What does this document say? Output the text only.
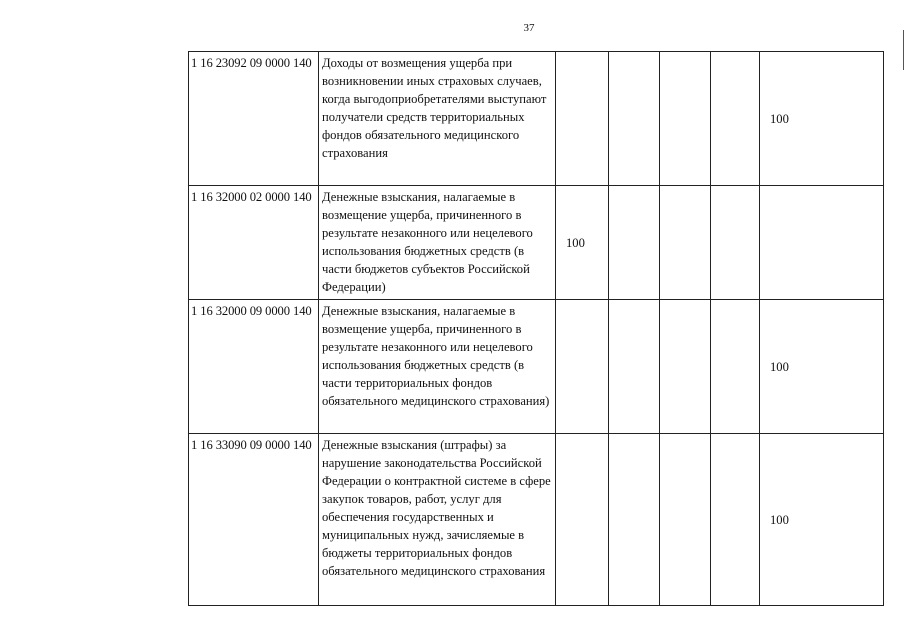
37
1 16 23092 09 0000 140	Доходы от возмещения ущерба при возникновении иных страховых случаев, когда выгодоприобретателями выступают получатели средств территориальных фондов обязательного медицинского страхования					100
1 16 32000 02 0000 140	Денежные взыскания, налагаемые в возмещение ущерба, причиненного в результате незаконного или нецелевого использования бюджетных средств (в части бюджетов субъектов Российской Федерации)	100				
1 16 32000 09 0000 140	Денежные взыскания, налагаемые в возмещение ущерба, причиненного в результате незаконного или нецелевого использования бюджетных средств (в части территориальных фондов обязательного медицинского страхования)					100
1 16 33090 09 0000 140	Денежные взыскания (штрафы) за нарушение законодательства Российской Федерации о контрактной системе в сфере закупок товаров, работ, услуг для обеспечения государственных и муниципальных нужд, зачисляемые в бюджеты территориальных фондов обязательного медицинского страхования					100
